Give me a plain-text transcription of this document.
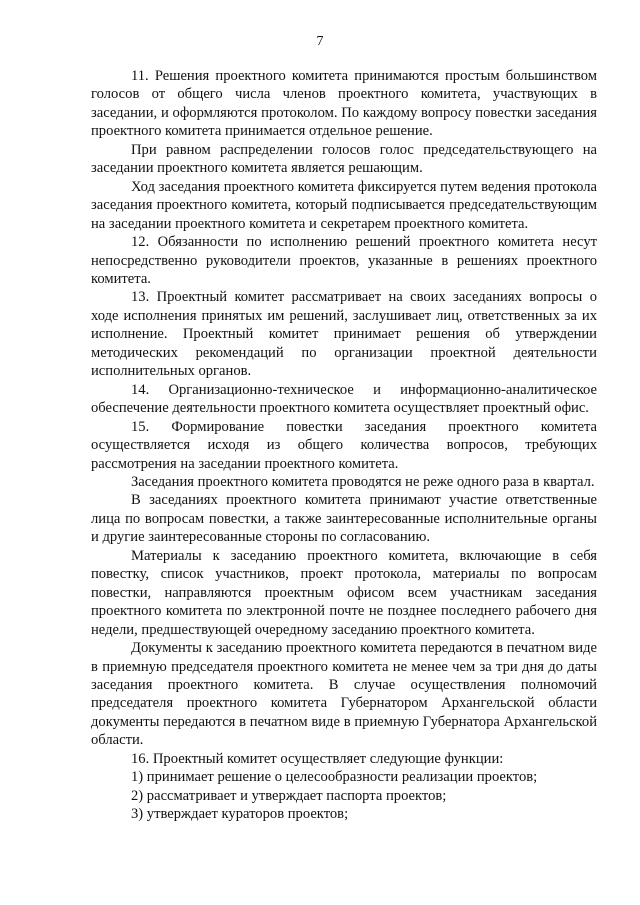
7

11. Решения проектного комитета принимаются простым большинством голосов от общего числа членов проектного комитета, участвующих в заседании, и оформляются протоколом. По каждому вопросу повестки заседания проектного комитета принимается отдельное решение.

При равном распределении голосов голос председательствующего на заседании проектного комитета является решающим.

Ход заседания проектного комитета фиксируется путем ведения протокола заседания проектного комитета, который подписывается председательствующим на заседании проектного комитета и секретарем проектного комитета.

12. Обязанности по исполнению решений проектного комитета несут непосредственно руководители проектов, указанные в решениях проектного комитета.

13. Проектный комитет рассматривает на своих заседаниях вопросы о ходе исполнения принятых им решений, заслушивает лиц, ответственных за их исполнение. Проектный комитет принимает решения об утверждении методических рекомендаций по организации проектной деятельности исполнительных органов.

14. Организационно-техническое и информационно-аналитическое обеспечение деятельности проектного комитета осуществляет проектный офис.

15. Формирование повестки заседания проектного комитета осуществляется исходя из общего количества вопросов, требующих рассмотрения на заседании проектного комитета.

Заседания проектного комитета проводятся не реже одного раза в квартал.

В заседаниях проектного комитета принимают участие ответственные лица по вопросам повестки, а также заинтересованные исполнительные органы и другие заинтересованные стороны по согласованию.

Материалы к заседанию проектного комитета, включающие в себя повестку, список участников, проект протокола, материалы по вопросам повестки, направляются проектным офисом всем участникам заседания проектного комитета по электронной почте не позднее последнего рабочего дня недели, предшествующей очередному заседанию проектного комитета.

Документы к заседанию проектного комитета передаются в печатном виде в приемную председателя проектного комитета не менее чем за три дня до даты заседания проектного комитета. В случае осуществления полномочий председателя проектного комитета Губернатором Архангельской области документы передаются в печатном виде в приемную Губернатора Архангельской области.

16. Проектный комитет осуществляет следующие функции:

1) принимает решение о целесообразности реализации проектов;

2) рассматривает и утверждает паспорта проектов;

3) утверждает кураторов проектов;
